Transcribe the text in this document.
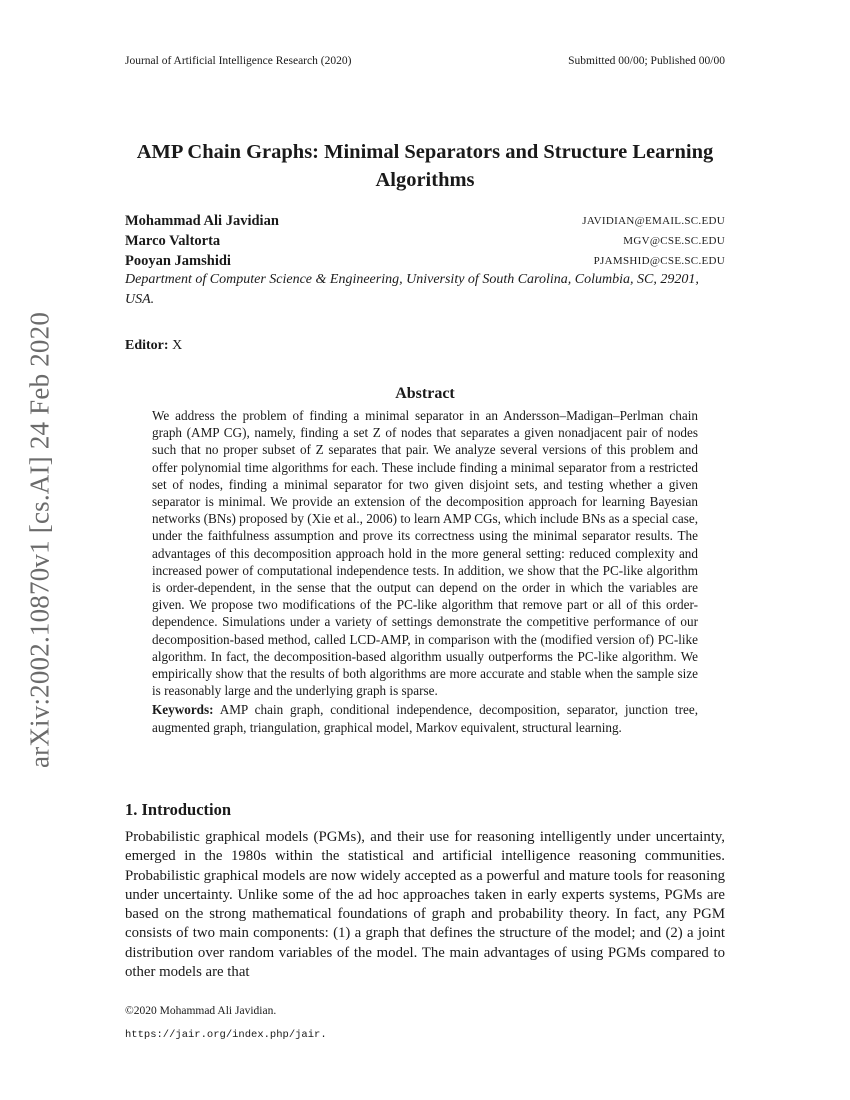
Journal of Artificial Intelligence Research (2020)	Submitted 00/00; Published 00/00
arXiv:2002.10870v1 [cs.AI] 24 Feb 2020
AMP Chain Graphs: Minimal Separators and Structure Learning Algorithms
Mohammad Ali Javidian	JAVIDIAN@EMAIL.SC.EDU
Marco Valtorta	MGV@CSE.SC.EDU
Pooyan Jamshidi	PJAMSHID@CSE.SC.EDU
Department of Computer Science & Engineering, University of South Carolina, Columbia, SC, 29201, USA.
Editor: X
Abstract

We address the problem of finding a minimal separator in an Andersson–Madigan–Perlman chain graph (AMP CG), namely, finding a set Z of nodes that separates a given nonadjacent pair of nodes such that no proper subset of Z separates that pair. We analyze several versions of this problem and offer polynomial time algorithms for each. These include finding a minimal separator from a restricted set of nodes, finding a minimal separator for two given disjoint sets, and testing whether a given separator is minimal. We provide an extension of the decomposition approach for learning Bayesian networks (BNs) proposed by (Xie et al., 2006) to learn AMP CGs, which include BNs as a special case, under the faithfulness assumption and prove its correctness using the minimal separator results. The advantages of this decomposition approach hold in the more general setting: reduced complexity and increased power of computational independence tests. In addition, we show that the PC-like algorithm is order-dependent, in the sense that the output can depend on the order in which the variables are given. We propose two modifications of the PC-like algorithm that remove part or all of this order-dependence. Simulations under a variety of settings demonstrate the competitive performance of our decomposition-based method, called LCD-AMP, in comparison with the (modified version of) PC-like algorithm. In fact, the decomposition-based algorithm usually outperforms the PC-like algorithm. We empirically show that the results of both algorithms are more accurate and stable when the sample size is reasonably large and the underlying graph is sparse.

Keywords: AMP chain graph, conditional independence, decomposition, separator, junction tree, augmented graph, triangulation, graphical model, Markov equivalent, structural learning.

1. Introduction

Probabilistic graphical models (PGMs), and their use for reasoning intelligently under uncertainty, emerged in the 1980s within the statistical and artificial intelligence reasoning communities. Probabilistic graphical models are now widely accepted as a powerful and mature tools for reasoning under uncertainty. Unlike some of the ad hoc approaches taken in early experts systems, PGMs are based on the strong mathematical foundations of graph and probability theory. In fact, any PGM consists of two main components: (1) a graph that defines the structure of the model; and (2) a joint distribution over random variables of the model. The main advantages of using PGMs compared to other models are that

©2020 Mohammad Ali Javidian.
https://jair.org/index.php/jair.
